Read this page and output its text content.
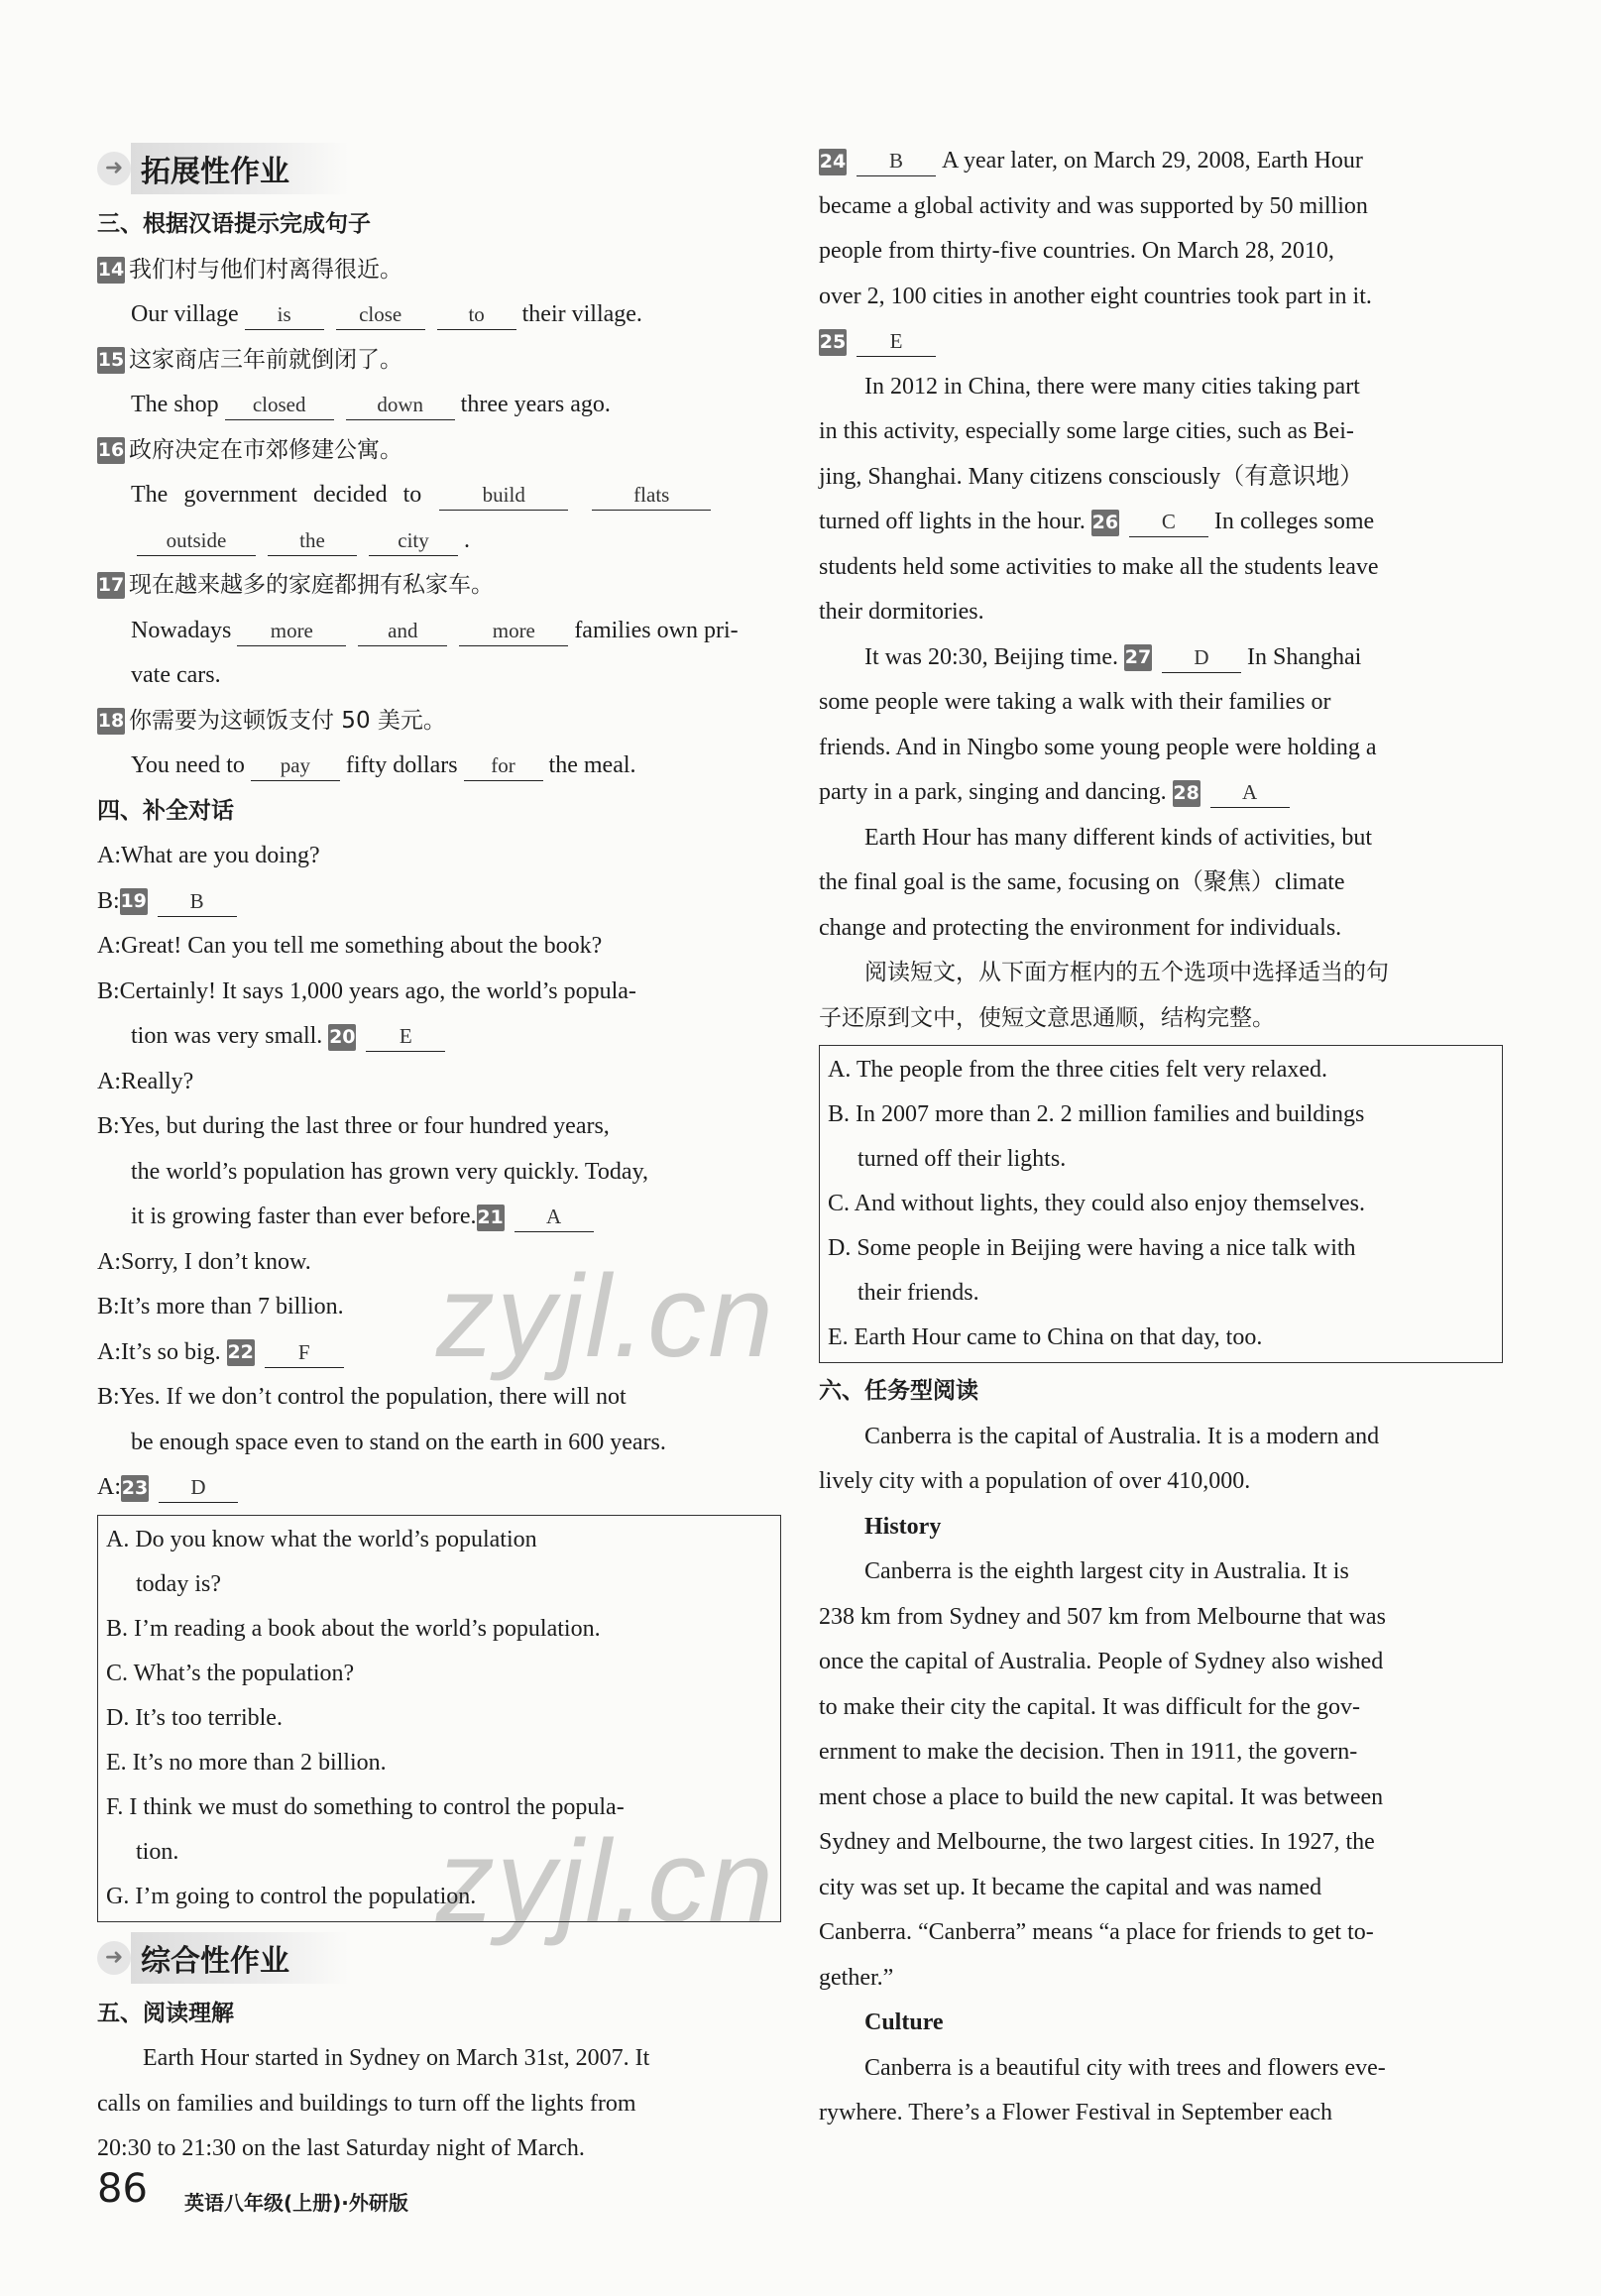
➜ 拓展性作业
三、根据汉语提示完成句子
14 我们村与他们村离得很近。
Our village is	close	to their village.
15 这家商店三年前就倒闭了。
The shop closed	down three years ago.
16 政府决定在市郊修建公寓。
The government decided to	build	flats
outside	the	city .
17 现在越来越多的家庭都拥有私家车。
Nowadays more	and	more families own pri-
vate cars.
18 你需要为这顿饭支付 50 美元。
You need to pay fifty dollars for the meal.
四、补全对话
A:What are you doing?
B:19 B
A:Great! Can you tell me something about the book?
B:Certainly! It says 1,000 years ago, the world’s popula-
tion was very small. 20 E
A:Really?
B:Yes, but during the last three or four hundred years,
the world’s population has grown very quickly. Today,
it is growing faster than ever before.21 A
A:Sorry, I don’t know.
B:It’s more than 7 billion.
A:It’s so big. 22 F
B:Yes. If we don’t control the population, there will not
be enough space even to stand on the earth in 600 years.
A:23 D
A. Do you know what the world’s population
today is?
B. I’m reading a book about the world’s population.
C. What’s the population?
D. It’s too terrible.
E. It’s no more than 2 billion.
F. I think we must do something to control the popula-
tion.
G. I’m going to control the population.
➜ 综合性作业
五、阅读理解
Earth Hour started in Sydney on March 31st, 2007. It
calls on families and buildings to turn off the lights from
20:30 to 21:30 on the last Saturday night of March.
24 B A year later, on March 29, 2008, Earth Hour
became a global activity and was supported by 50 million
people from thirty-five countries. On March 28, 2010,
over 2, 100 cities in another eight countries took part in it.
25 E
In 2012 in China, there were many cities taking part
in this activity, especially some large cities, such as Bei-
jing, Shanghai. Many citizens consciously（有意识地）
turned off lights in the hour. 26 C In colleges some
students held some activities to make all the students leave
their dormitories.
It was 20:30, Beijing time. 27 D In Shanghai
some people were taking a walk with their families or
friends. And in Ningbo some young people were holding a
party in a park, singing and dancing. 28 A
Earth Hour has many different kinds of activities, but
the final goal is the same, focusing on（聚焦）climate
change and protecting the environment for individuals.
阅读短文，从下面方框内的五个选项中选择适当的句
子还原到文中，使短文意思通顺，结构完整。
A. The people from the three cities felt very relaxed.
B. In 2007 more than 2. 2 million families and buildings
turned off their lights.
C. And without lights, they could also enjoy themselves.
D. Some people in Beijing were having a nice talk with
their friends.
E. Earth Hour came to China on that day, too.
六、任务型阅读
Canberra is the capital of Australia. It is a modern and
lively city with a population of over 410,000.
History
Canberra is the eighth largest city in Australia. It is
238 km from Sydney and 507 km from Melbourne that was
once the capital of Australia. People of Sydney also wished
to make their city the capital. It was difficult for the gov-
ernment to make the decision. Then in 1911, the govern-
ment chose a place to build the new capital. It was between
Sydney and Melbourne, the two largest cities. In 1927, the
city was set up. It became the capital and was named
Canberra. “Canberra” means “a place for friends to get to-
gether.”
Culture
Canberra is a beautiful city with trees and flowers eve-
rywhere. There’s a Flower Festival in September each
zyjl.cn
zyjl.cn
86 英语八年级(上册)·外研版
